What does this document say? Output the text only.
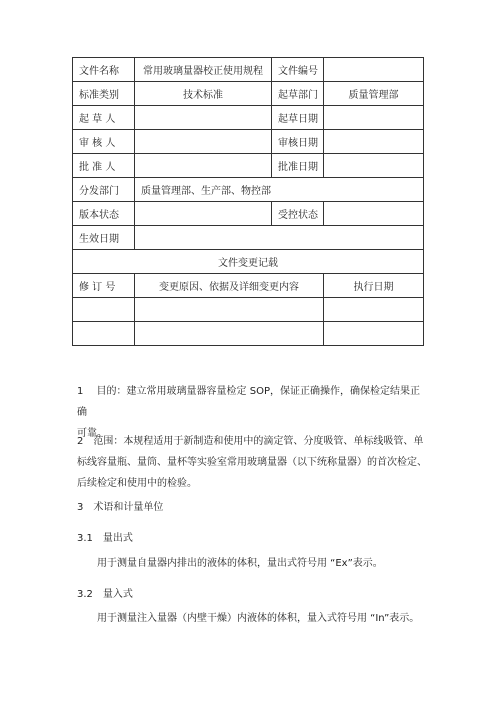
文件名称	常用玻璃量器校正使用规程	文件编号	
标准类别	技术标准	起草部门	质量管理部
起 草 人		起草日期	
审 核 人		审核日期	
批 准 人		批准日期	
分发部门	质量管理部、生产部、物控部		
版本状态		受控状态	
生效日期			
文件变更记载			
修 订 号	变更原因、依据及详细变更内容		执行日期

1　 目的：建立常用玻璃量器容量检定 SOP，保证正确操作，确保检定结果正确

可靠。

2　范围：本规程适用于新制造和使用中的滴定管、分度吸管、单标线吸管、单

标线容量瓶、量筒、量杯等实验室常用玻璃量器（以下统称量器）的首次检定、

后续检定和使用中的检验。

3　术语和计量单位
3.1　量出式
用于测量自量器内排出的液体的体积，量出式符号用 “Ex”表示。
3.2　量入式
用于测量注入量器（内壁干燥）内液体的体积，量入式符号用 “In”表示。
